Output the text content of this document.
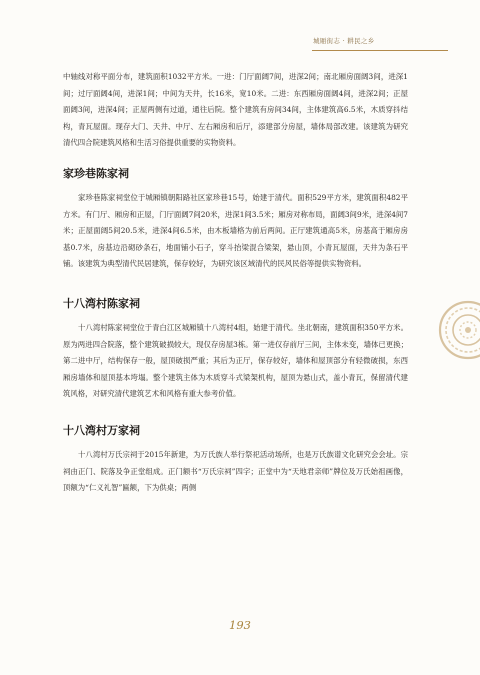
城厢街志 · 耕民之乡

中轴线对称平面分布，建筑面积1032平方米。一进：门厅面阔7间，进深2间；南北厢房面阔3间，进深1间；过厅面阔4间，进深1间；中间为天井，长16米，宽10米。二进：东西厢房面阔4间，进深2间；正屋面阔3间，进深4间；正屋两侧有过道，通往后院。整个建筑有房间34间，主体建筑高6.5米，木质穿抖结构，青瓦屋面。现存大门、天井、中厅、左右厢房和后厅，添建部分房屋，墙体局部改建。该建筑为研究清代四合院建筑风格和生活习俗提供重要的实物资料。

家珍巷陈家祠

家珍巷陈家祠堂位于城厢镇朝阳路社区家珍巷15号，始建于清代。面积529平方米，建筑面积482平方米。有门厅、厢房和正屋，门厅面阔7间20米，进深1间3.5米；厢房对称布局，面阔3间9米，进深4间7米；正屋面阔5间20.5米，进深4间6.5米，由木板墙格为前后两间。正厅建筑通高5米，房基高于厢房房基0.7米，房基边沿砌砂条石，地面铺小石子，穿斗抬梁混合梁架，悬山顶，小青瓦屋面，天井为条石平铺。该建筑为典型清代民居建筑，保存较好，为研究该区域清代的民风民俗等提供实物资料。

十八湾村陈家祠

十八湾村陈家祠堂位于青白江区城厢镇十八湾村4组，始建于清代。坐北朝南，建筑面积350平方米。原为两进四合院落，整个建筑破损较大，现仅存房屋3栋。第一进仅存前厅三间，主体未变，墙体已更换；第二进中厅，结构保存一般，屋顶破损严重；其后为正厅，保存较好，墙体和屋顶部分有轻微破损，东西厢房墙体和屋顶基本垮塌。整个建筑主体为木质穿斗式梁架机构，屋顶为悬山式，盖小青瓦，保留清代建筑风格，对研究清代建筑艺术和风格有重大参考价值。

十八湾村万家祠

十八湾村万氏宗祠于2015年新建，为万氏族人举行祭祀活动场所，也是万氏族谱文化研究会会址。宗祠由正门、院落及争正堂组成。正门额书“万氏宗祠”四字；正堂中为“天地君亲师”牌位及万氏始祖画像，顶额为“仁义礼智”匾额，下为供桌；两侧

193
